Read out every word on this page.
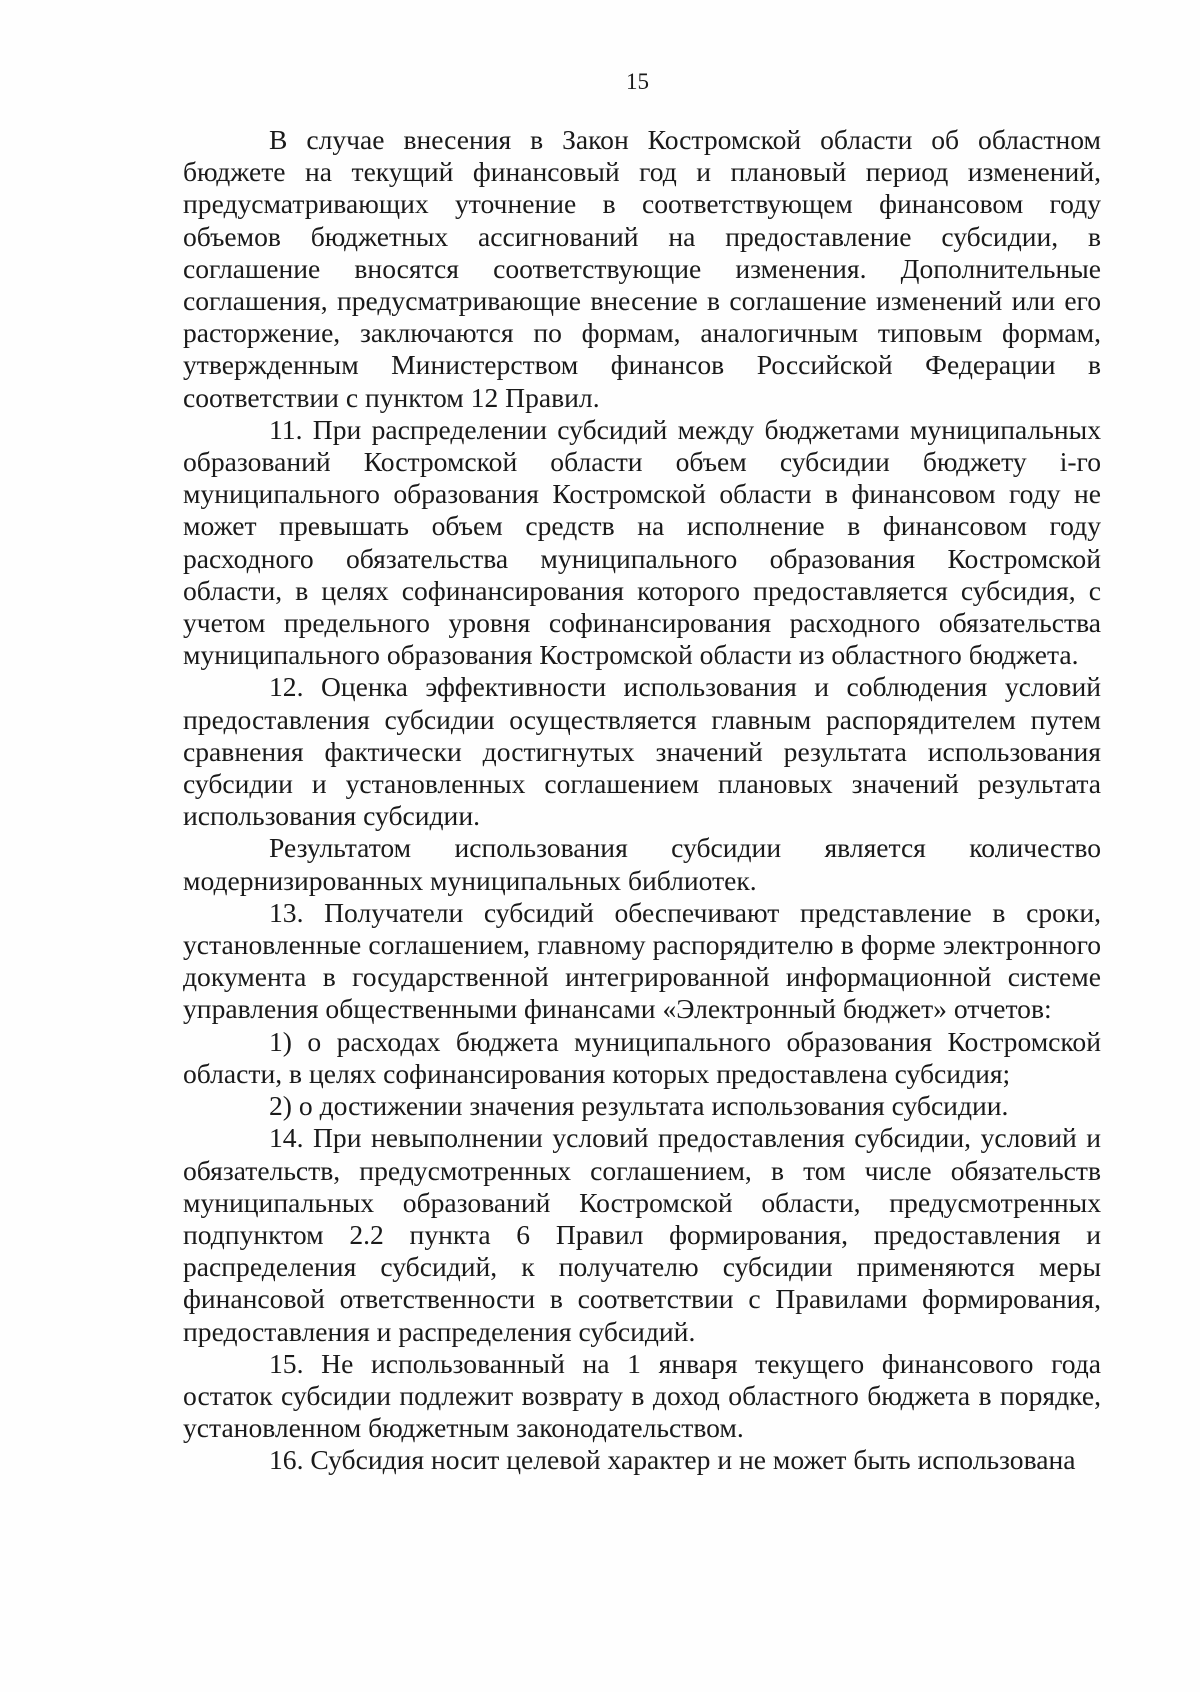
15

В случае внесения в Закон Костромской области об областном бюджете на текущий финансовый год и плановый период изменений, предусматривающих уточнение в соответствующем финансовом году объемов бюджетных ассигнований на предоставление субсидии, в соглашение вносятся соответствующие изменения. Дополнительные соглашения, предусматривающие внесение в соглашение изменений или его расторжение, заключаются по формам, аналогичным типовым формам, утвержденным Министерством финансов Российской Федерации в соответствии с пунктом 12 Правил.

11. При распределении субсидий между бюджетами муниципальных образований Костромской области объем субсидии бюджету i-го муниципального образования Костромской области в финансовом году не может превышать объем средств на исполнение в финансовом году расходного обязательства муниципального образования Костромской области, в целях софинансирования которого предоставляется субсидия, с учетом предельного уровня софинансирования расходного обязательства муниципального образования Костромской области из областного бюджета.

12. Оценка эффективности использования и соблюдения условий предоставления субсидии осуществляется главным распорядителем путем сравнения фактически достигнутых значений результата использования субсидии и установленных соглашением плановых значений результата использования субсидии.

Результатом использования субсидии является количество модернизированных муниципальных библиотек.

13. Получатели субсидий обеспечивают представление в сроки, установленные соглашением, главному распорядителю в форме электронного документа в государственной интегрированной информационной системе управления общественными финансами «Электронный бюджет» отчетов:

1) о расходах бюджета муниципального образования Костромской области, в целях софинансирования которых предоставлена субсидия;

2) о достижении значения результата использования субсидии.

14. При невыполнении условий предоставления субсидии, условий и обязательств, предусмотренных соглашением, в том числе обязательств муниципальных образований Костромской области, предусмотренных подпунктом 2.2 пункта 6 Правил формирования, предоставления и распределения субсидий, к получателю субсидии применяются меры финансовой ответственности в соответствии с Правилами формирования, предоставления и распределения субсидий.

15. Не использованный на 1 января текущего финансового года остаток субсидии подлежит возврату в доход областного бюджета в порядке, установленном бюджетным законодательством.

16. Субсидия носит целевой характер и не может быть использована
